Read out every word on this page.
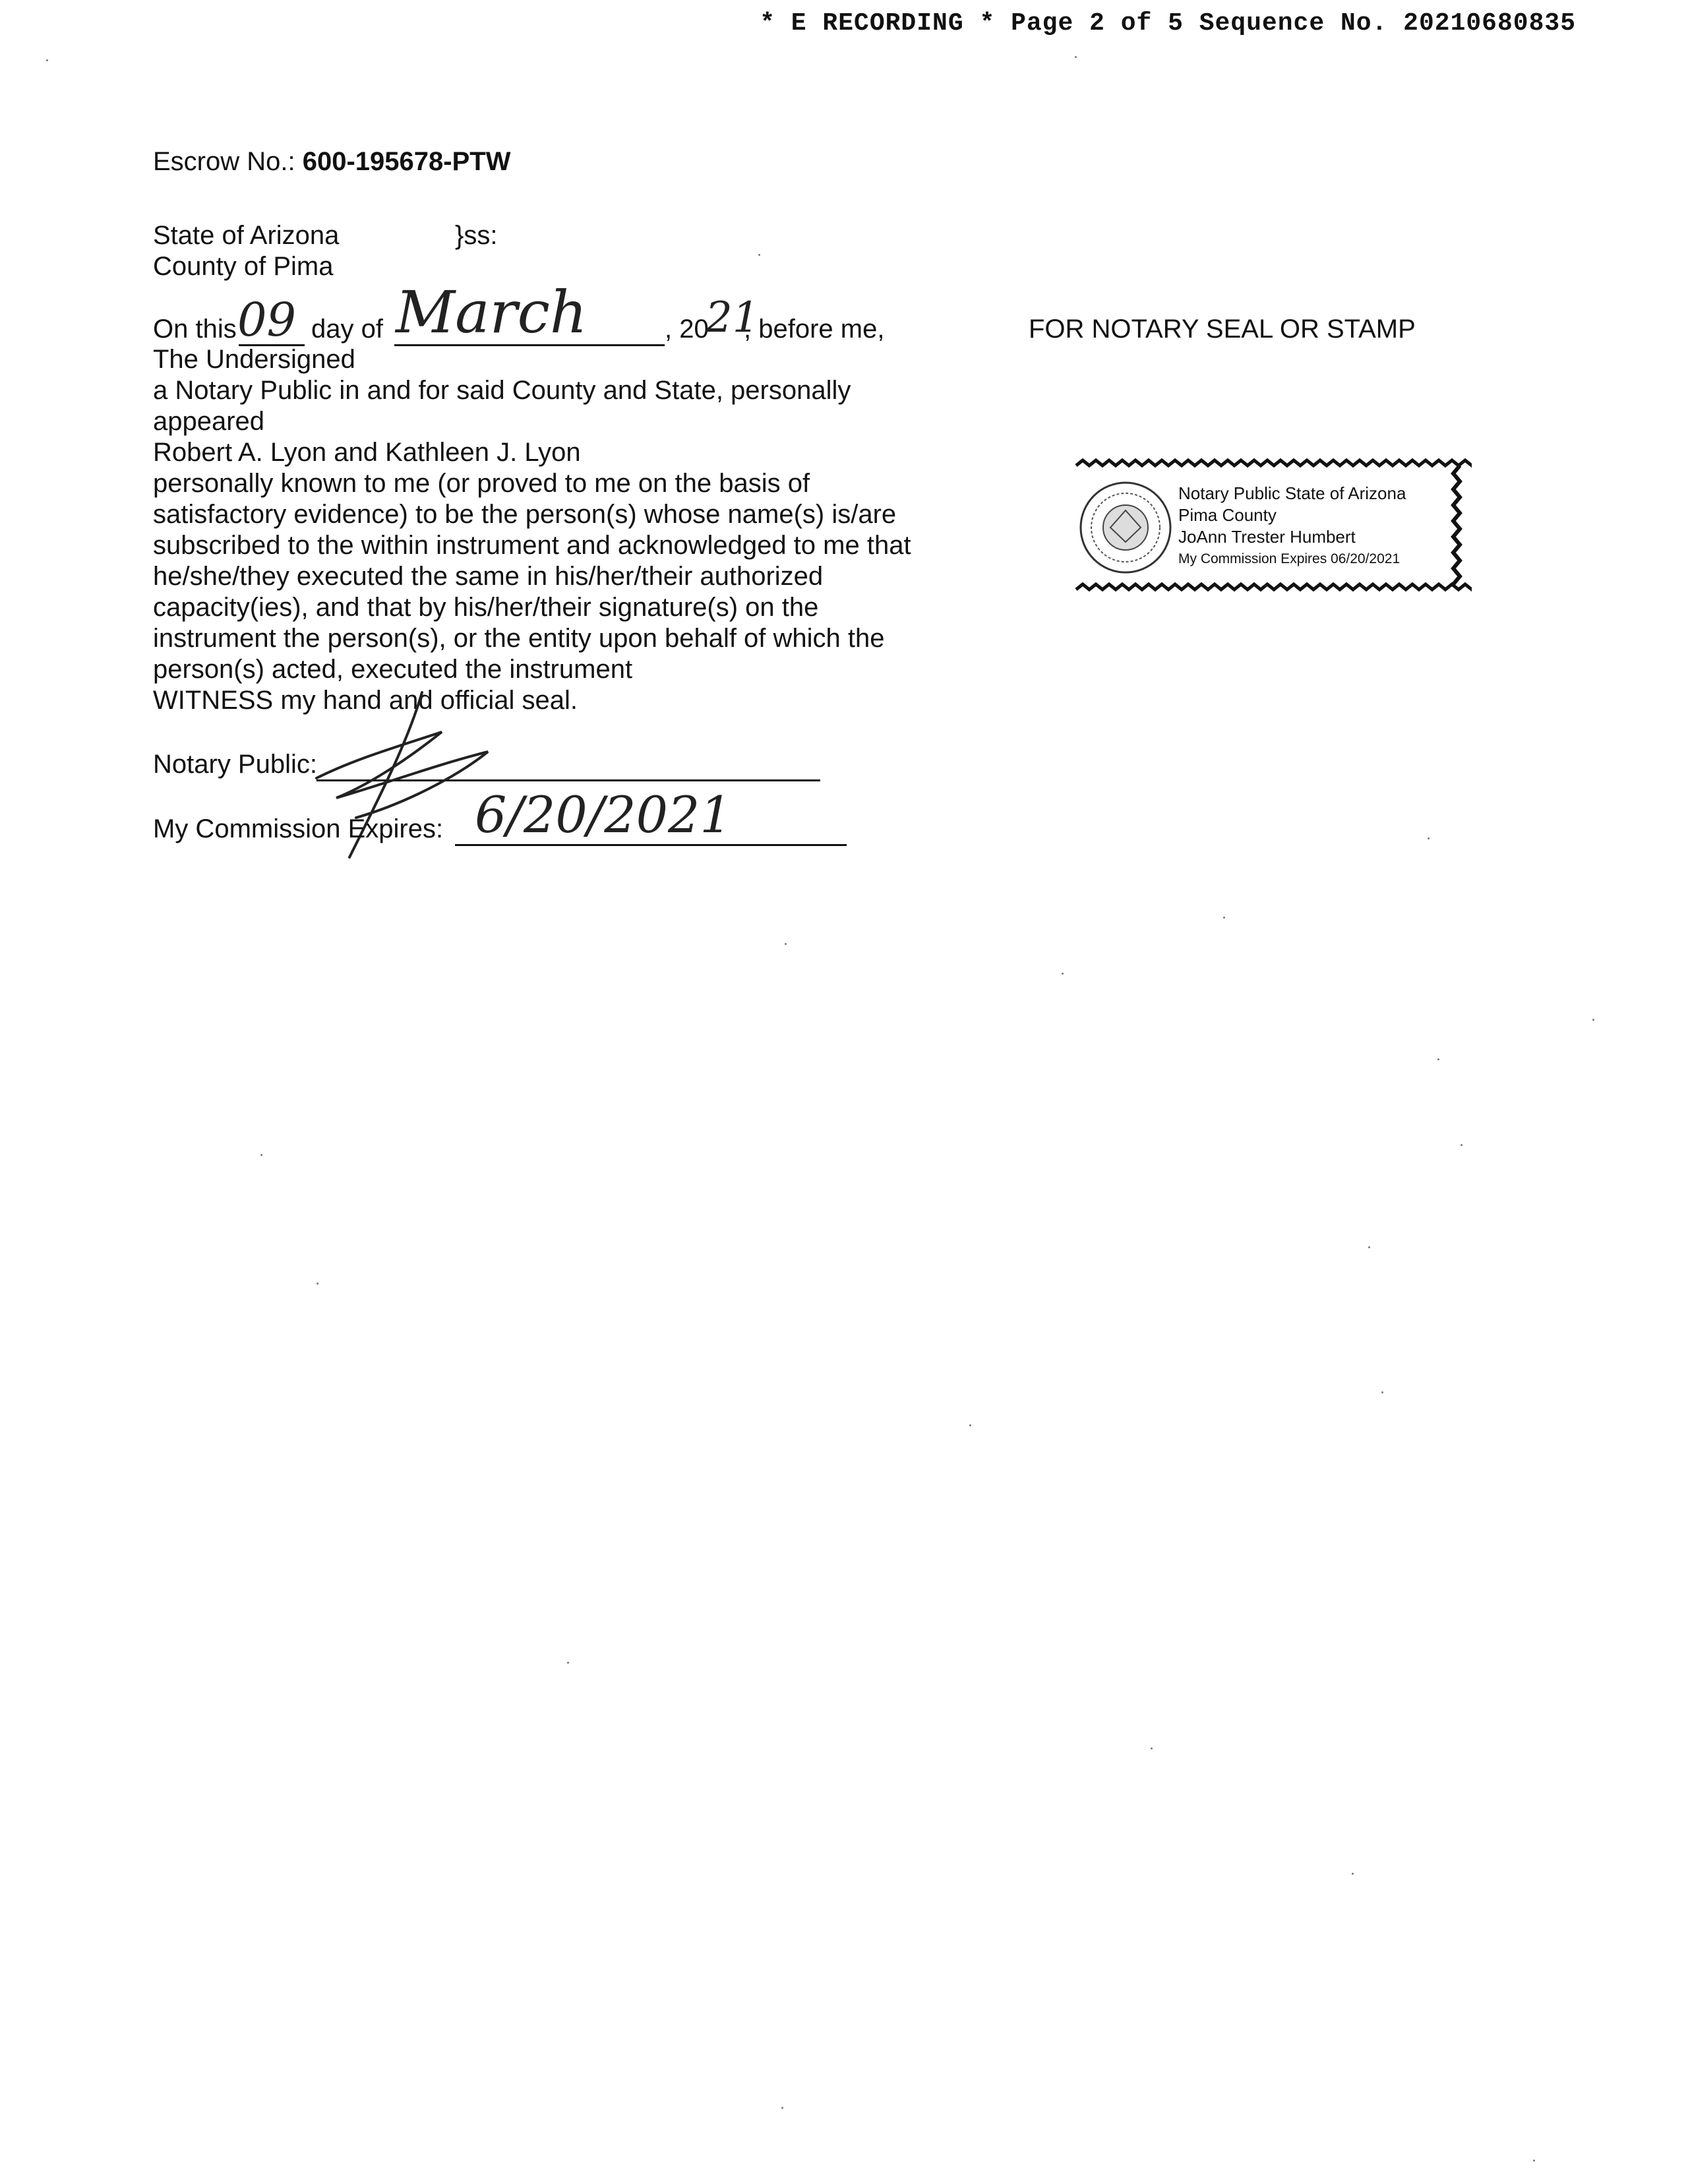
* E RECORDING * Page 2 of 5 Sequence No. 20210680835
Escrow No.: 600-195678-PTW
State of Arizona	}ss:
County of Pima
On this 09 day of March	, 20
21
, before me,
The Undersigned
a Notary Public in and for said County and State, personally
appeared
Robert A. Lyon and Kathleen J. Lyon
personally known to me (or proved to me on the basis of
satisfactory evidence) to be the person(s) whose name(s) is/are
subscribed to the within instrument and acknowledged to me that
he/she/they executed the same in his/her/their authorized
capacity(ies), and that by his/her/their signature(s) on the
instrument the person(s), or the entity upon behalf of which the
person(s) acted, executed the instrument
WITNESS my hand and official seal.
Notary Public:
My Commission Expires: 6/20/2021
FOR NOTARY SEAL OR STAMP
Notary Public State of Arizona
Pima County
JoAnn Trester Humbert
My Commission Expires 06/20/2021
